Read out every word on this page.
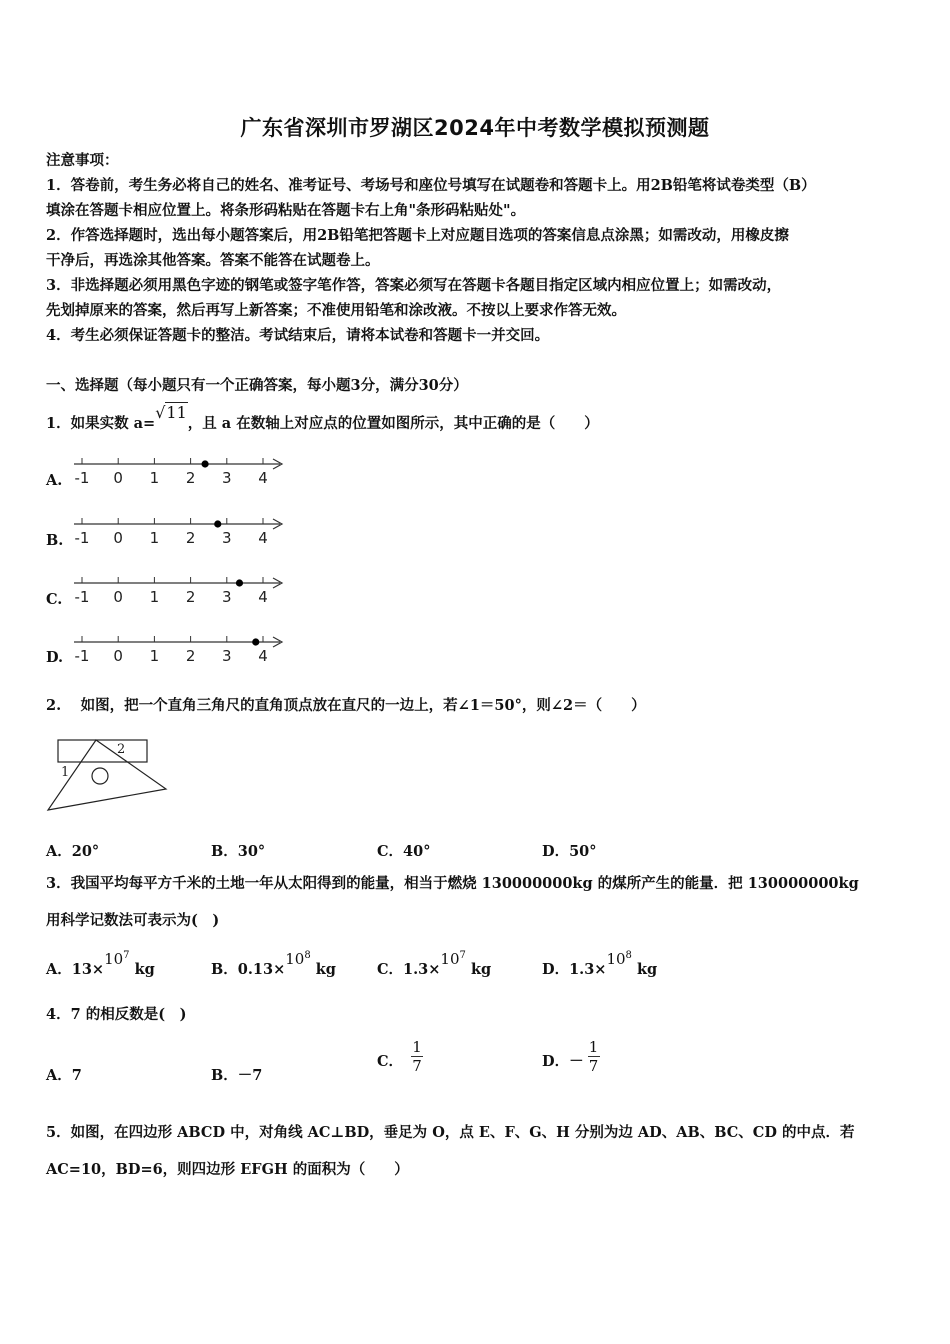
广东省深圳市罗湖区2024年中考数学模拟预测题
注意事项：
1．答卷前，考生务必将自己的姓名、准考证号、考场号和座位号填写在试题卷和答题卡上。用2B铅笔将试卷类型（B）
填涂在答题卡相应位置上。将条形码粘贴在答题卡右上角"条形码粘贴处"。
2．作答选择题时，选出每小题答案后，用2B铅笔把答题卡上对应题目选项的答案信息点涂黑；如需改动，用橡皮擦
干净后，再选涂其他答案。答案不能答在试题卷上。
3．非选择题必须用黑色字迹的钢笔或签字笔作答，答案必须写在答题卡各题目指定区域内相应位置上；如需改动，
先划掉原来的答案，然后再写上新答案；不准使用铅笔和涂改液。不按以上要求作答无效。
4．考生必须保证答题卡的整洁。考试结束后，请将本试卷和答题卡一并交回。
一、选择题（每小题只有一个正确答案，每小题3分，满分30分）
1．如果实数 a=√11，且 a 在数轴上对应点的位置如图所示，其中正确的是（　　）
A.
B.
C.
D.
-1 0 1 2 3 4
-1 0 1 2 3 4
-1 0 1 2 3 4
-1 0 1 2 3 4
2.　 如图，把一个直角三角尺的直角顶点放在直尺的一边上，若∠1＝50°，则∠2＝（　　）
1
2
A．20°	B．30°	C．40°	D．50°
3．我国平均每平方千米的土地一年从太阳得到的能量，相当于燃烧 130000000kg 的煤所产生的能量．把 130000000kg
用科学记数法可表示为(　)
A．$13\times 10^7$ kg	B．$0.13\times 10^8$ kg	C．$1.3\times 10^7$ kg	D．$1.3\times 10^8$ kg
4．7 的相反数是(　)
A．7	B．－7
C． $\frac{1}{7}$	D．－ $\frac{1}{7}$
5．如图，在四边形 ABCD 中，对角线 AC⊥BD，垂足为 O，点 E、F、G、H 分别为边 AD、AB、BC、CD 的中点．若
AC=10，BD=6，则四边形 EFGH 的面积为（　　）
